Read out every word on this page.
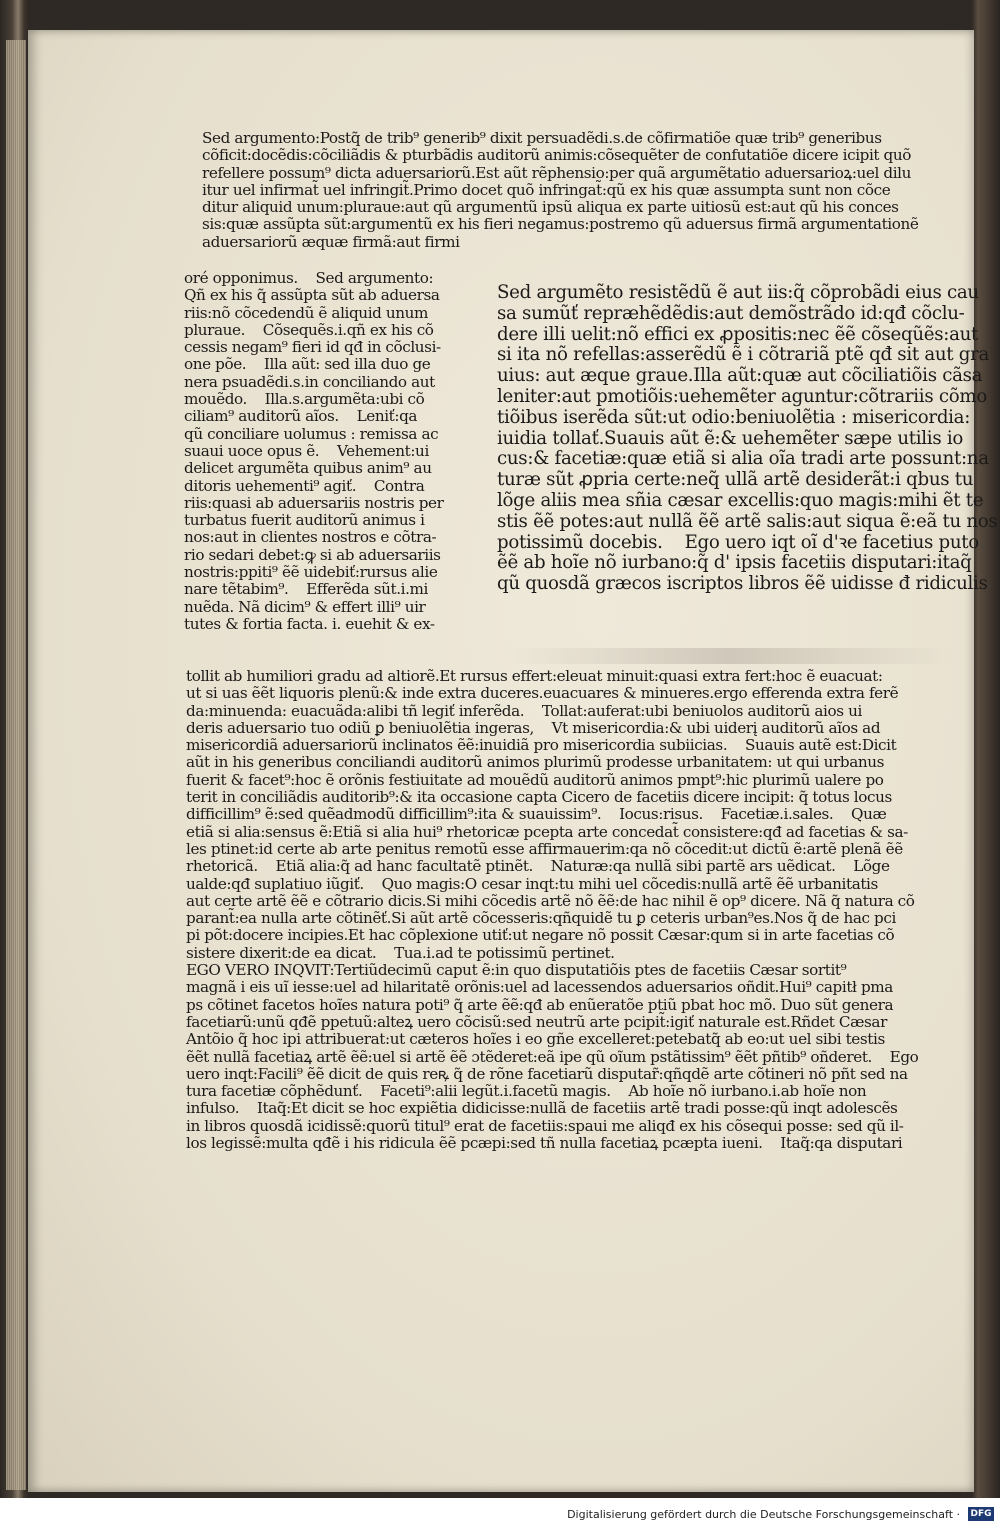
Sed argumento:Postq̃ de trib⁹ generib⁹ dixit persuadẽdi.s.de cõfirmatiõe quæ trib⁹ generibus
cõficit:docẽdis:cõciliãdis & pturbãdis auditorũ animis:cõsequẽter de confutatiõe dicere icipit quõ
refellere possum⁹ dicta aduersariorũ.Est aũt rẽphensio:per quã argumẽtatio aduersarioꝝ:uel dilu
itur uel infirmat̃ uel infringit̃.Primo docet quõ infringat̃:qũ ex his quæ assumpta sunt non cõce
ditur aliquid unum:pluraue:aut qũ argumentũ ipsũ aliqua ex parte uitiosũ est:aut qũ his conces
sis:quæ assũpta sũt:argumentũ ex his fieri negamus:postremo qũ aduersus firmã argumentationẽ
aduersariorũ æquæ firmã:aut firmi
oré opponimus.    Sed argumento:
Qñ ex his q̃ assũpta sũt ab aduersa
riis:nõ cõcedendũ ẽ aliquid unum
pluraue.    Cõsequẽs.i.qñ ex his cõ
cessis negam⁹ fieri id qđ in cõclusi-
one põe.    Illa aũt: sed illa duo ge
nera psuadẽdi.s.in conciliando aut
mouẽdo.    Illa.s.argumẽta:ubi cõ
ciliam⁹ auditorũ aĩos.    Leniť:qa
qũ conciliare uolumus : remissa ac
suaui uoce opus ẽ.    Vehement:ui
delicet argumẽta quibus anim⁹ au
ditoris uehementi⁹ agiť.    Contra
riis:quasi ab aduersariis nostris per
turbatus fuerit auditorũ animus i
nos:aut in clientes nostros e cõtra-
rio sedari debet:ꝙ si ab aduersariis
nostris:ppiti⁹ ẽẽ uidebiť:rursus alie
nare tẽtabim⁹.    Efferẽda sũt.i.mi
nuẽda. Nã dicim⁹ & effert illi⁹ uir
tutes & fortia facta. i. euehit & ex-
Sed argumẽto resistẽdũ ẽ aut iis:q̃ cõprobãdi eius cau
sa sumũť repræhẽdẽdis:aut demõstrãdo id:qđ cõclu-
dere illi uelit:nõ effici ex ꝓpositis:nec ẽẽ cõseqũẽs:aut
si ita nõ refellas:asserẽdũ ẽ i cõtrariã ptẽ qđ sit aut gra
uius: aut æque graue.Illa aũt:quæ aut cõciliatiõis cãsa
leniter:aut pmotiõis:uehemẽter aguntur:cõtrariis cõmo
tiõibus iserẽda sũt:ut odio:beniuolẽtia : misericordia:
iuidia tollať.Suauis aũt ẽ:& uehemẽter sæpe utilis io
cus:& facetiæ:quæ etiã si alia oĩa tradi arte possunt:na
turæ sũt ꝓpria certe:neq̃ ullã artẽ desiderãt:i qbus tu
lõge aliis mea sñia cæsar excellis:quo magis:mihi ẽt te
stis ẽẽ potes:aut nullã ẽẽ artẽ salis:aut siqua ẽ:eã tu nos
potissimũ docebis.    Ego uero iqt oĩ d'ꝛe facetius puto
ẽẽ ab hoĩe nõ iurbano:q̃ d' ipsis facetiis disputari:itaq̃
qũ quosdã græcos iscriptos libros ẽẽ uidisse đ ridiculis
tollit ab humiliori gradu ad altiorẽ.Et rursus effert:eleuat minuit:quasi extra fert:hoc ẽ euacuat:
ut si uas ẽẽt liquoris plenũ:& inde extra duceres.euacuares & minueres.ergo efferenda extra ferẽ
da:minuenda: euacuãda:alibi tñ legiť inferẽda.    Tollat:auferat:ubi beniuolos auditorũ aios ui
deris aduersario tuo odiũ ꝑ beniuolẽtia ingeras,    Vt misericordia:& ubi uiderį auditorũ aĩos ad
misericordiã aduersariorũ inclinatos ẽẽ:inuidiã pro misericordia subiicias.    Suauis autẽ est:Dicit
aũt in his generibus conciliandi auditorũ animos plurimũ prodesse urbanitatem: ut qui urbanus
fuerit & facet⁹:hoc ẽ orõnis festiuitate ad mouẽdũ auditorũ animos pmpt⁹:hic plurimũ ualere po
terit in conciliãdis auditorib⁹:& ita occasione capta Cicero de facetiis dicere incipit: q̃ totus locus
difficillim⁹ ẽ:sed quẽadmodũ difficillim⁹:ita & suauissim⁹.    Iocus:risus.    Facetiæ.i.sales.    Quæ
etiã si alia:sensus ẽ:Etiã si alia hui⁹ rhetoricæ pcepta arte concedat̃ consistere:qđ ad facetias & sa-
les ptinet:id certe ab arte penitus remotũ esse affirmauerim:qa nõ cõcedit:ut dictũ ẽ:artẽ plenã ẽẽ
rhetoricã.    Etiã alia:q̃ ad hanc facultatẽ ptinẽt.    Naturæ:qa nullã sibi partẽ ars uẽdicat.    Lõge
ualde:qđ suplatiuo iũgiť.    Quo magis:O cesar inqt:tu mihi uel cõcedis:nullã artẽ ẽẽ urbanitatis
aut certe artẽ ẽẽ e cõtrario dicis.Si mihi cõcedis artẽ nõ ẽẽ:de hac nihil ẽ op⁹ dicere. Nã q̃ natura cõ
parant̃:ea nulla arte cõtinẽť.Si aũt artẽ cõcesseris:qñquidẽ tu ꝑ ceteris urban⁹es.Nos q̃ de hac pci
pi põt:docere incipies.Et hac cõplexione utiť:ut negare nõ possit Cæsar:qum si in arte facetias cõ
sistere dixerit:de ea dicat.    Tua.i.ad te potissimũ pertinet.
EGO VERO INQVIT:Tertiũdecimũ caput ẽ:in quo disputatiõis ptes de facetiis Cæsar sortit⁹
magnã i eis uĩ iesse:uel ad hilaritatẽ orõnis:uel ad lacessendos aduersarios oñdit.Hui⁹ capitł pma
ps cõtinet facetos hoĩes natura poti⁹ q̃ arte ẽẽ:qđ ab enũeratõe ptiũ pbat hoc mõ. Duo sũt genera
facetiarũ:unũ qđẽ ppetuũ:alteꝝ uero cõcisũ:sed neutrũ arte pcipit̃:igiť naturale est.Rñdet Cæsar
Antõio q̃ hoc ipi attribuerat:ut cæteros hoĩes i eo gñe excelleret:petebatq̃ ab eo:ut uel sibi testis
ẽẽt nullã facetiaꝝ artẽ ẽẽ:uel si artẽ ẽẽ ɔtẽderet:eã ipe qũ oĩum pstãtissim⁹ ẽẽt pñtib⁹ oñderet.    Ego
uero inqt:Facili⁹ ẽẽ dicit de quis reꝶ q̃ de rõne facetiarũ disputar̃:qñqdẽ arte cõtineri nõ pñt sed na
tura facetiæ cõphẽdunť.    Faceti⁹:alii legũt.i.facetũ magis.    Ab hoĩe nõ iurbano.i.ab hoĩe non
infulso.    Itaq̃:Et dicit se hoc expiẽtia didicisse:nullã de facetiis artẽ tradi posse:qũ inqt adolescẽs
in libros quosdã icidissẽ:quorũ titul⁹ erat de facetiis:spaui me aliqđ ex his cõsequi posse: sed qũ il-
los legissẽ:multa qđẽ i his ridicula ẽẽ pcæpi:sed tñ nulla facetiaꝝ pcæpta iueni.    Itaq̃:qa disputari
Digitalisierung gefördert durch die Deutsche Forschungsgemeinschaft · DFG
